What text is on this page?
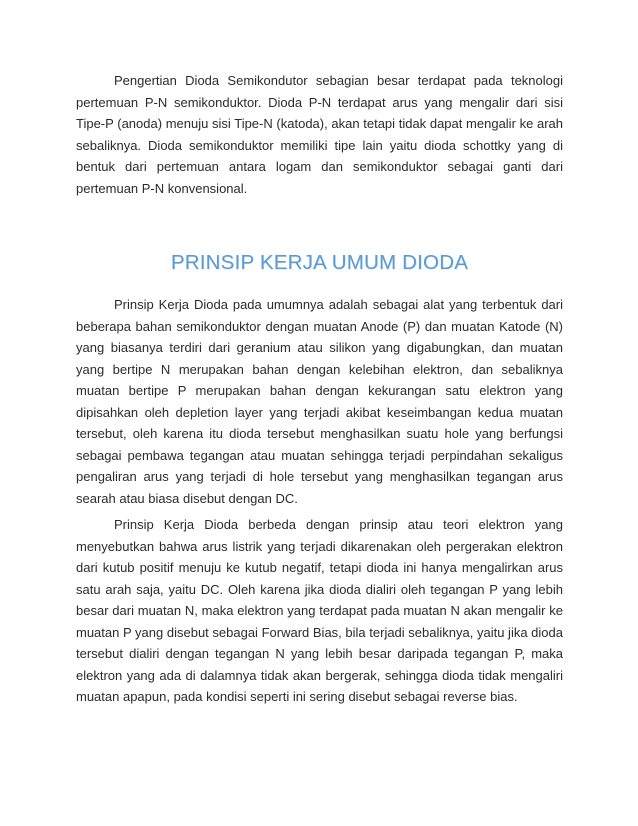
Pengertian Dioda Semikondutor sebagian besar terdapat pada teknologi pertemuan P-N semikonduktor. Dioda P-N terdapat arus yang mengalir dari sisi Tipe-P (anoda) menuju sisi Tipe-N (katoda), akan tetapi tidak dapat mengalir ke arah sebaliknya. Dioda semikonduktor memiliki tipe lain yaitu dioda schottky yang di bentuk dari pertemuan antara logam dan semikonduktor sebagai ganti dari pertemuan P-N konvensional.

PRINSIP KERJA UMUM DIODA

Prinsip Kerja Dioda pada umumnya adalah sebagai alat yang terbentuk dari beberapa bahan semikonduktor dengan muatan Anode (P) dan muatan Katode (N) yang biasanya terdiri dari geranium atau silikon yang digabungkan, dan muatan yang bertipe N merupakan bahan dengan kelebihan elektron, dan sebaliknya muatan bertipe P merupakan bahan dengan kekurangan satu elektron yang dipisahkan oleh depletion layer yang terjadi akibat keseimbangan kedua muatan tersebut, oleh karena itu dioda tersebut menghasilkan suatu hole yang berfungsi sebagai pembawa tegangan atau muatan sehingga terjadi perpindahan sekaligus pengaliran arus yang terjadi di hole tersebut yang menghasilkan tegangan arus searah atau biasa disebut dengan DC.

Prinsip Kerja Dioda berbeda dengan prinsip atau teori elektron yang menyebutkan bahwa arus listrik yang terjadi dikarenakan oleh pergerakan elektron dari kutub positif menuju ke kutub negatif, tetapi dioda ini hanya mengalirkan arus satu arah saja, yaitu DC. Oleh karena jika dioda dialiri oleh tegangan P yang lebih besar dari muatan N, maka elektron yang terdapat pada muatan N akan mengalir ke muatan P yang disebut sebagai Forward Bias, bila terjadi sebaliknya, yaitu jika dioda tersebut dialiri dengan tegangan N yang lebih besar daripada tegangan P, maka elektron yang ada di dalamnya tidak akan bergerak, sehingga dioda tidak mengaliri muatan apapun, pada kondisi seperti ini sering disebut sebagai reverse bias.
